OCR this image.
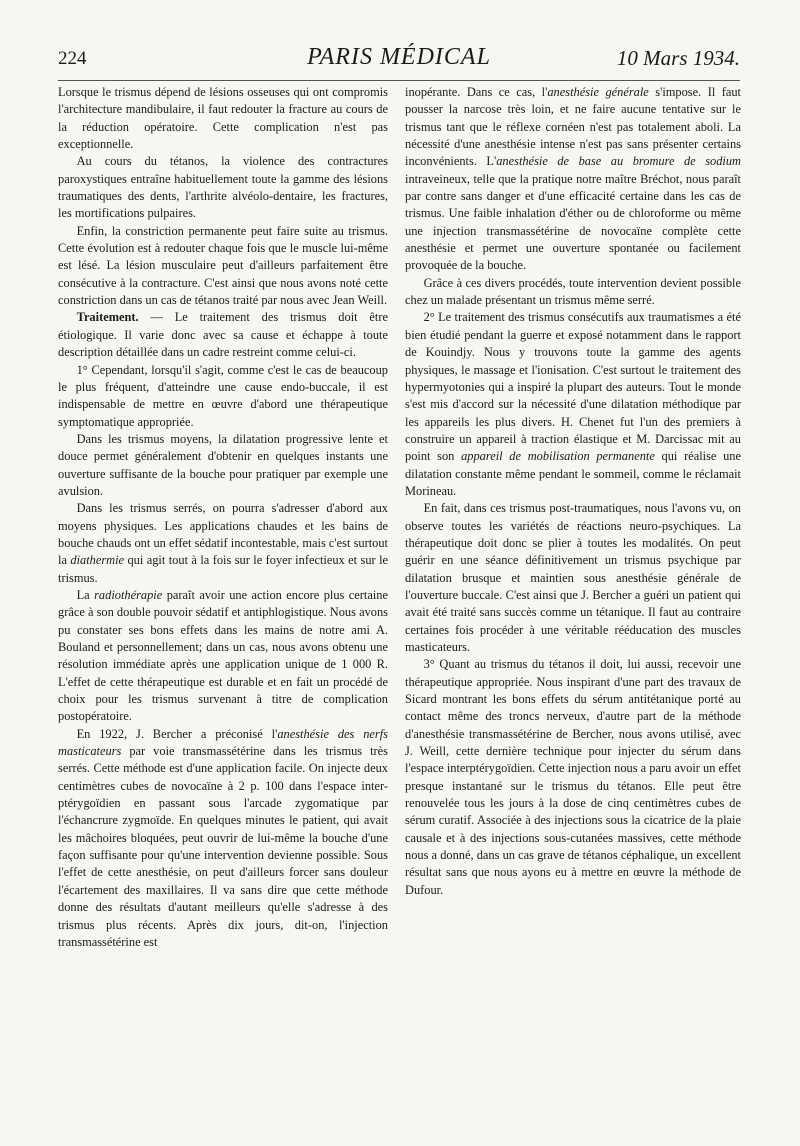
224	PARIS MÉDICAL	10 Mars 1934.

Lorsque le trismus dépend de lésions osseuses qui ont compromis l'architecture mandibulaire, il faut redouter la fracture au cours de la réduction opératoire. Cette complication n'est pas exceptionnelle.

Au cours du tétanos, la violence des contractures paroxystiques entraîne habituellement toute la gamme des lésions traumatiques des dents, l'arthrite alvéolo-dentaire, les fractures, les mortifications pulpaires.

Enfin, la constriction permanente peut faire suite au trismus. Cette évolution est à redouter chaque fois que le muscle lui-même est lésé. La lésion musculaire peut d'ailleurs parfaitement être consécutive à la contracture. C'est ainsi que nous avons noté cette constriction dans un cas de tétanos traité par nous avec Jean Weill.

Traitement. — Le traitement des trismus doit être étiologique. Il varie donc avec sa cause et échappe à toute description détaillée dans un cadre restreint comme celui-ci.

1° Cependant, lorsqu'il s'agit, comme c'est le cas de beaucoup le plus fréquent, d'atteindre une cause endo-buccale, il est indispensable de mettre en œuvre d'abord une thérapeutique symptomatique appropriée.

Dans les trismus moyens, la dilatation progressive lente et douce permet généralement d'obtenir en quelques instants une ouverture suffisante de la bouche pour pratiquer par exemple une avulsion.

Dans les trismus serrés, on pourra s'adresser d'abord aux moyens physiques. Les applications chaudes et les bains de bouche chauds ont un effet sédatif incontestable, mais c'est surtout la diathermie qui agit tout à la fois sur le foyer infectieux et sur le trismus.

La radiothérapie paraît avoir une action encore plus certaine grâce à son double pouvoir sédatif et antiphlogistique. Nous avons pu constater ses bons effets dans les mains de notre ami A. Bouland et personnellement; dans un cas, nous avons obtenu une résolution immédiate après une application unique de 1 000 R. L'effet de cette thérapeutique est durable et en fait un procédé de choix pour les trismus survenant à titre de complication postopératoire.

En 1922, J. Bercher a préconisé l'anesthésie des nerfs masticateurs par voie transmassétérine dans les trismus très serrés. Cette méthode est d'une application facile. On injecte deux centimètres cubes de novocaïne à 2 p. 100 dans l'espace inter-ptérygoïdien en passant sous l'arcade zygomatique par l'échancrure zygmoïde. En quelques minutes le patient, qui avait les mâchoires bloquées, peut ouvrir de lui-même la bouche d'une façon suffisante pour qu'une intervention devienne possible. Sous l'effet de cette anesthésie, on peut d'ailleurs forcer sans douleur l'écartement des maxillaires. Il va sans dire que cette méthode donne des résultats d'autant meilleurs qu'elle s'adresse à des trismus plus récents. Après dix jours, dit-on, l'injection transmassétérine est

inopérante. Dans ce cas, l'anesthésie générale s'impose. Il faut pousser la narcose très loin, et ne faire aucune tentative sur le trismus tant que le réflexe cornéen n'est pas totalement aboli. La nécessité d'une anesthésie intense n'est pas sans présenter certains inconvénients. L'anesthésie de base au bromure de sodium intraveineux, telle que la pratique notre maître Bréchot, nous paraît par contre sans danger et d'une efficacité certaine dans les cas de trismus. Une faible inhalation d'éther ou de chloroforme ou même une injection transmassétérine de novocaïne complète cette anesthésie et permet une ouverture spontanée ou facilement provoquée de la bouche.

Grâce à ces divers procédés, toute intervention devient possible chez un malade présentant un trismus même serré.

2° Le traitement des trismus consécutifs aux traumatismes a été bien étudié pendant la guerre et exposé notamment dans le rapport de Kouindjy. Nous y trouvons toute la gamme des agents physiques, le massage et l'ionisation. C'est surtout le traitement des hypermyotonies qui a inspiré la plupart des auteurs. Tout le monde s'est mis d'accord sur la nécessité d'une dilatation méthodique par les appareils les plus divers. H. Chenet fut l'un des premiers à construire un appareil à traction élastique et M. Darcissac mit au point son appareil de mobilisation permanente qui réalise une dilatation constante même pendant le sommeil, comme le réclamait Morineau.

En fait, dans ces trismus post-traumatiques, nous l'avons vu, on observe toutes les variétés de réactions neuro-psychiques. La thérapeutique doit donc se plier à toutes les modalités. On peut guérir en une séance définitivement un trismus psychique par dilatation brusque et maintien sous anesthésie générale de l'ouverture buccale. C'est ainsi que J. Bercher a guéri un patient qui avait été traité sans succès comme un tétanique. Il faut au contraire certaines fois procéder à une véritable rééducation des muscles masticateurs.

3° Quant au trismus du tétanos il doit, lui aussi, recevoir une thérapeutique appropriée. Nous inspirant d'une part des travaux de Sicard montrant les bons effets du sérum antitétanique porté au contact même des troncs nerveux, d'autre part de la méthode d'anesthésie transmassétérine de Bercher, nous avons utilisé, avec J. Weill, cette dernière technique pour injecter du sérum dans l'espace interptérygoïdien. Cette injection nous a paru avoir un effet presque instantané sur le trismus du tétanos. Elle peut être renouvelée tous les jours à la dose de cinq centimètres cubes de sérum curatif. Associée à des injections sous la cicatrice de la plaie causale et à des injections sous-cutanées massives, cette méthode nous a donné, dans un cas grave de tétanos céphalique, un excellent résultat sans que nous ayons eu à mettre en œuvre la méthode de Dufour.
